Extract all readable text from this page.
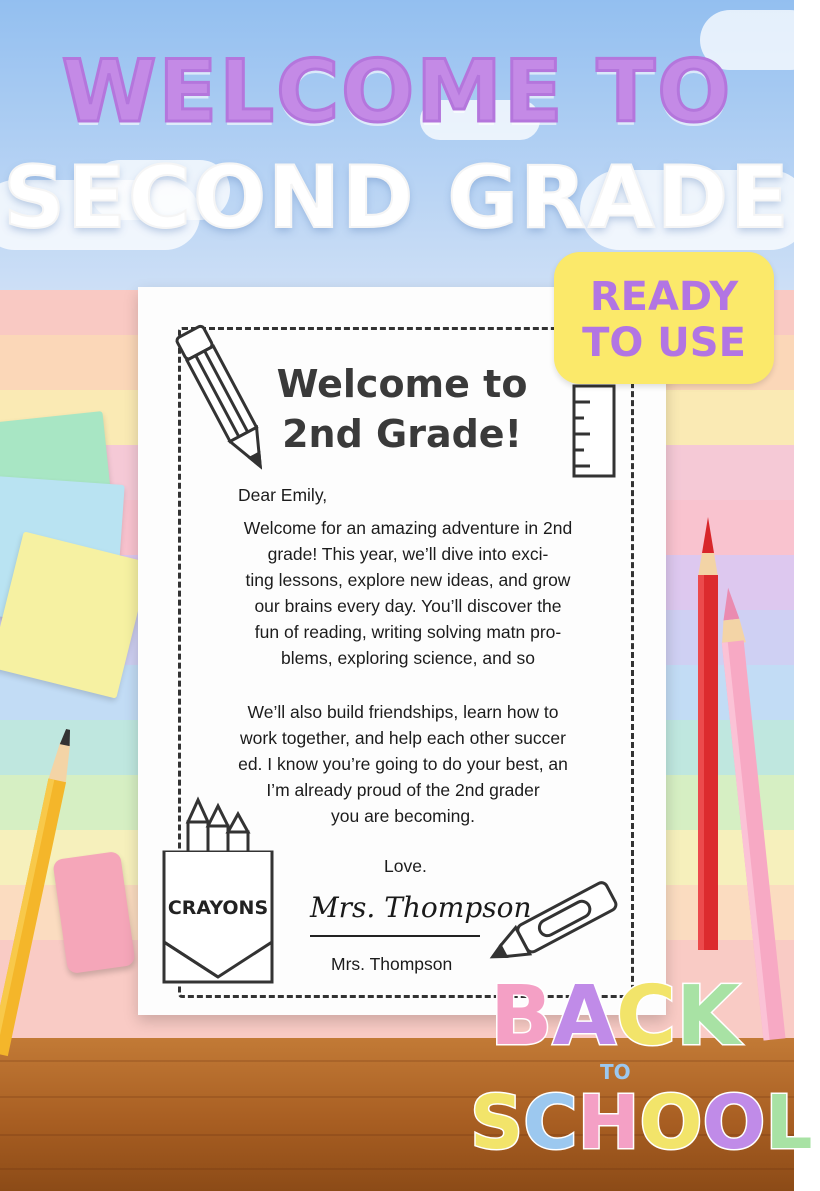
WELCOME TO
SECOND GRADE
Welcome to
2nd Grade!

Dear Emily,

Welcome for an amazing adventure in 2nd

grade! This year, we’ll dive into exci-

ting lessons, explore new ideas, and grow

our brains every day. You’ll discover the

fun of reading, writing solving matn pro-

blems, exploring science, and so

We’ll also build friendships, learn how to

work together, and help each other succer

ed. I know you’re going to do your best, an

I’m already proud of the 2nd grader

you are becoming.

Love.

Mrs. Thompson

Mrs. Thompson

CRAYONS
READY
TO USE
BACK
TO
SCHOOL
